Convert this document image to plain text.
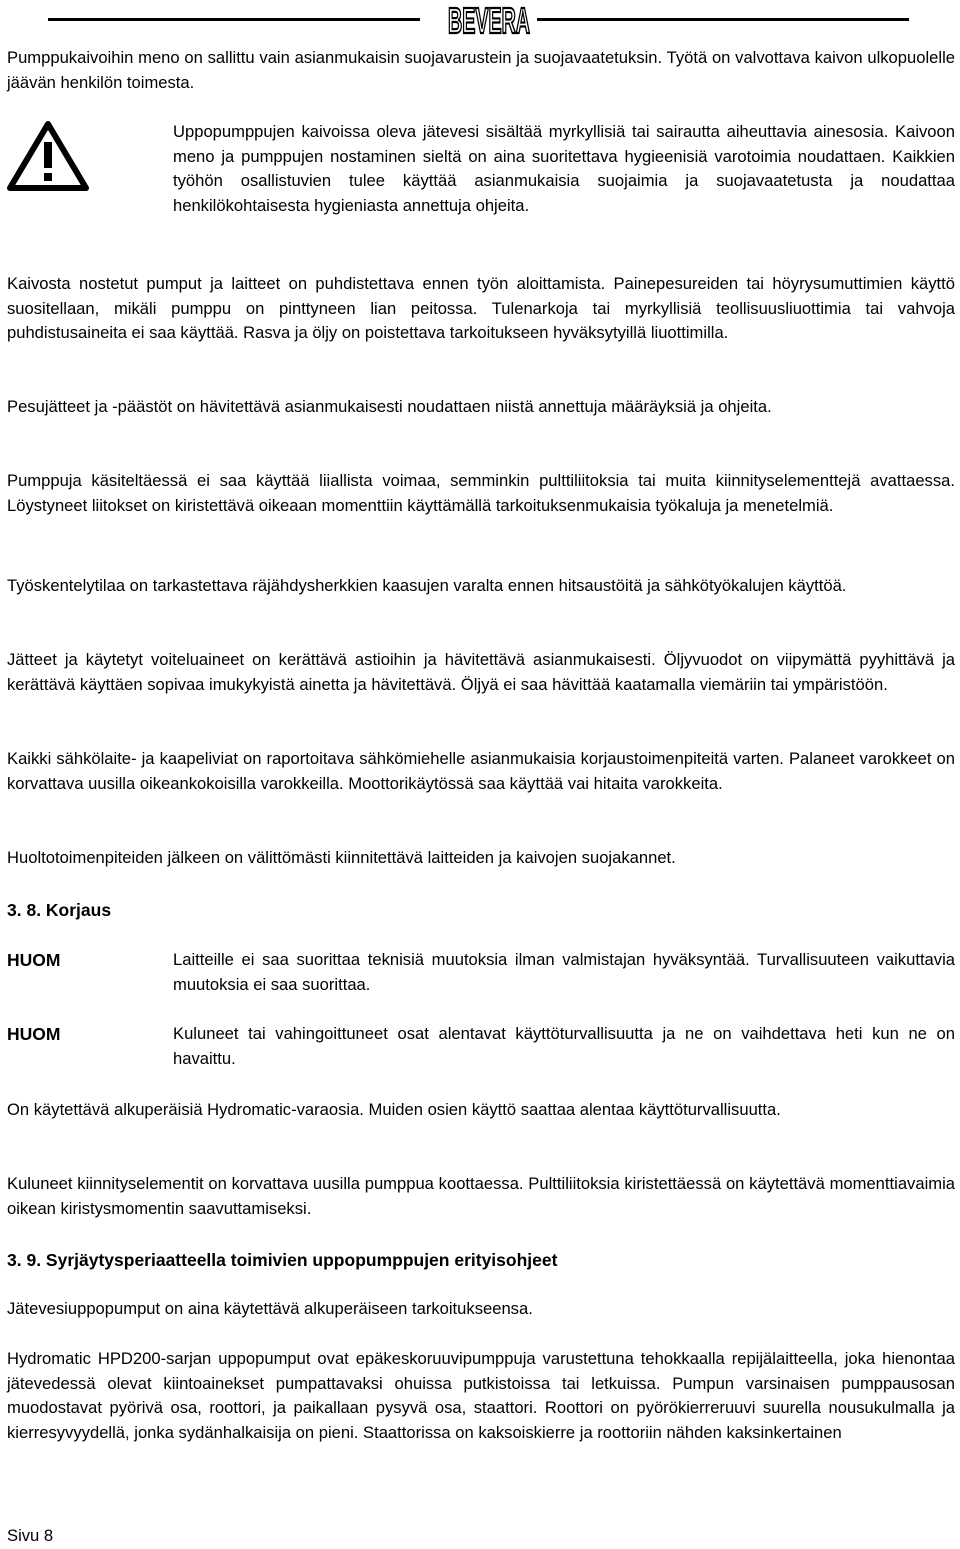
BEVERA

Pumppukaivoihin meno on sallittu vain asianmukaisin suojavarustein ja suojavaatetuksin. Työtä on valvottava kaivon ulkopuolelle jäävän henkilön toimesta.

Uppopumppujen kaivoissa oleva jätevesi sisältää myrkyllisiä tai sairautta aiheuttavia ainesosia. Kaivoon meno ja pumppujen nostaminen sieltä on aina suoritettava hygieenisiä varotoimia noudattaen. Kaikkien työhön osallistuvien tulee käyttää asianmukaisia suojaimia ja suojavaatetusta ja noudattaa henkilökohtaisesta hygieniasta annettuja ohjeita.

Kaivosta nostetut pumput ja laitteet on puhdistettava ennen työn aloittamista. Painepesureiden tai höyrysumuttimien käyttö suositellaan, mikäli pumppu on pinttyneen lian peitossa. Tulenarkoja tai myrkyllisiä teollisuusliuottimia tai vahvoja puhdistusaineita ei saa käyttää. Rasva ja öljy on poistettava tarkoitukseen hyväksytyillä liuottimilla.

Pesujätteet ja -päästöt on hävitettävä asianmukaisesti noudattaen niistä annettuja määräyksiä ja ohjeita.

Pumppuja käsiteltäessä ei saa käyttää liiallista voimaa, semminkin pulttiliitoksia tai muita kiinnityselementtejä avattaessa. Löystyneet liitokset on kiristettävä oikeaan momenttiin käyttämällä tarkoituksenmukaisia työkaluja ja menetelmiä.

Työskentelytilaa on tarkastettava räjähdysherkkien kaasujen varalta ennen hitsaustöitä ja sähkötyökalujen käyttöä.

Jätteet ja käytetyt voiteluaineet on kerättävä astioihin ja hävitettävä asianmukaisesti. Öljyvuodot on viipymättä pyyhittävä ja kerättävä käyttäen sopivaa imukykyistä ainetta ja hävitettävä. Öljyä ei saa hävittää kaatamalla viemäriin tai ympäristöön.

Kaikki sähkölaite- ja kaapeliviat on raportoitava sähkömiehelle asianmukaisia korjaustoimenpiteitä varten. Palaneet varokkeet on korvattava uusilla oikeankokoisilla varokkeilla. Moottorikäytössä saa käyttää vai hitaita varokkeita.

Huoltotoimenpiteiden jälkeen on välittömästi kiinnitettävä laitteiden ja kaivojen suojakannet.

3. 8. Korjaus
HUOM	Laitteille ei saa suorittaa teknisiä muutoksia ilman valmistajan hyväksyntää. Turvallisuuteen vaikuttavia muutoksia ei saa suorittaa.

HUOM	Kuluneet tai vahingoittuneet osat alentavat käyttöturvallisuutta ja ne on vaihdettava heti kun ne on havaittu.

On käytettävä alkuperäisiä Hydromatic-varaosia. Muiden osien käyttö saattaa alentaa käyttöturvallisuutta.

Kuluneet kiinnityselementit on korvattava uusilla pumppua koottaessa. Pulttiliitoksia kiristettäessä on käytettävä momenttiavaimia oikean kiristysmomentin saavuttamiseksi.

3. 9. Syrjäytysperiaatteella toimivien uppopumppujen erityisohjeet

Jätevesiuppopumput on aina käytettävä alkuperäiseen tarkoitukseensa.

Hydromatic HPD200-sarjan uppopumput ovat epäkeskoruuvipumppuja varustettuna tehokkaalla repijälaitteella, joka hienontaa jätevedessä olevat kiintoainekset pumpattavaksi ohuissa putkistoissa tai letkuissa. Pumpun varsinaisen pumppausosan muodostavat pyörivä osa, roottori, ja paikallaan pysyvä osa, staattori. Roottori on pyörökierreruuvi suurella nousukulmalla ja kierresyvyydellä, jonka sydänhalkaisija on pieni. Staattorissa on kaksoiskierre ja roottoriin nähden kaksinkertainen

Sivu 8
